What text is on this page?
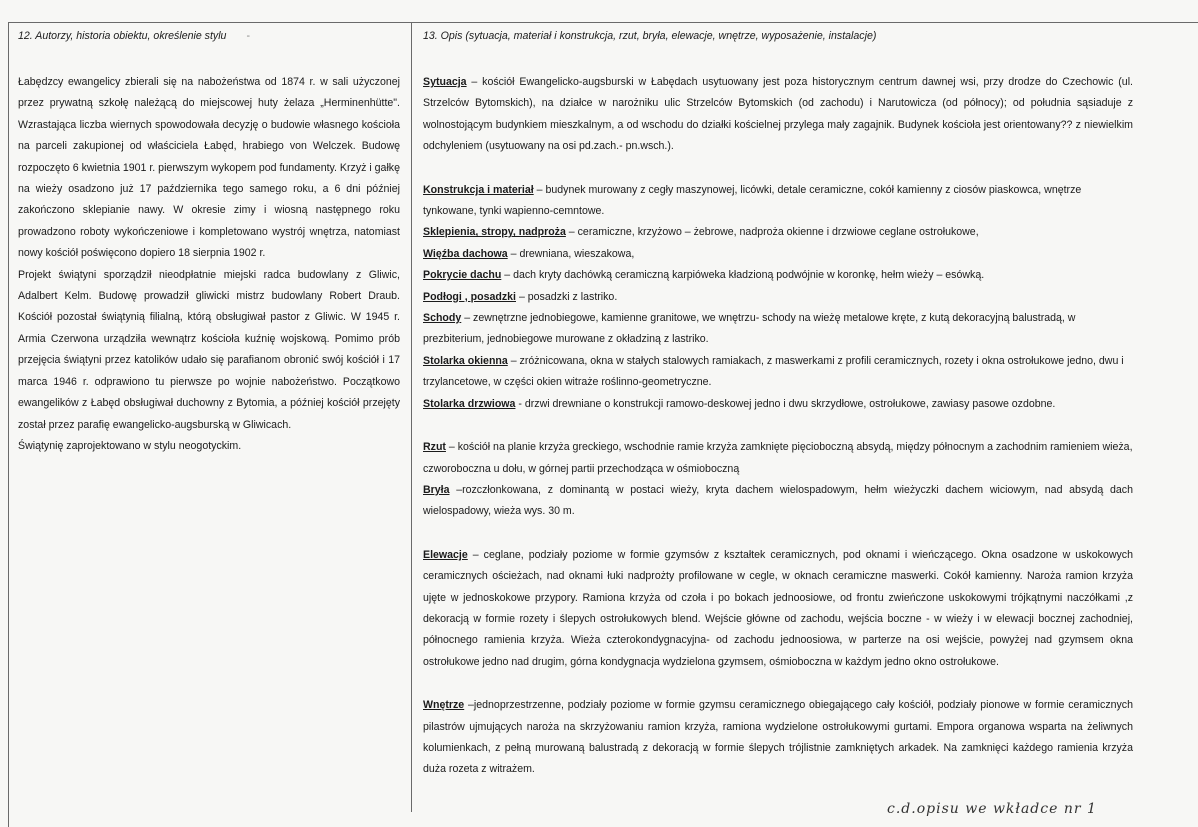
12. Autorzy, historia obiektu, określenie stylu -

Łabędzcy ewangelicy zbierali się na nabożeństwa od 1874 r. w sali użyczonej przez prywatną szkołę należącą do miejscowej huty żelaza „Herminenhütte". Wzrastająca liczba wiernych spowodowała decyzję o budowie własnego kościoła na parceli zakupionej od właściciela Łabęd, hrabiego von Welczek. Budowę rozpoczęto 6 kwietnia 1901 r. pierwszym wykopem pod fundamenty. Krzyż i gałkę na wieży osadzono już 17 października tego samego roku, a 6 dni później zakończono sklepianie nawy. W okresie zimy i wiosną następnego roku prowadzono roboty wykończeniowe i kompletowano wystrój wnętrza, natomiast nowy kościół poświęcono dopiero 18 sierpnia 1902 r.

Projekt świątyni sporządził nieodpłatnie miejski radca budowlany z Gliwic, Adalbert Kelm. Budowę prowadził gliwicki mistrz budowlany Robert Draub. Kościół pozostał świątynią filialną, którą obsługiwał pastor z Gliwic. W 1945 r. Armia Czerwona urządziła wewnątrz kościoła kuźnię wojskową. Pomimo prób przejęcia świątyni przez katolików udało się parafianom obronić swój kościół i 17 marca 1946 r. odprawiono tu pierwsze po wojnie nabożeństwo. Początkowo ewangelików z Łabęd obsługiwał duchowny z Bytomia, a później kościół przejęty został przez parafię ewangelicko-augsburską w Gliwicach.

Świątynię zaprojektowano w stylu neogotyckim.

13. Opis (sytuacja, materiał i konstrukcja, rzut, bryła, elewacje, wnętrze, wyposażenie, instalacje)

Sytuacja – kościół Ewangelicko-augsburski w Łabędach usytuowany jest poza historycznym centrum dawnej wsi, przy drodze do Czechowic (ul. Strzelców Bytomskich), na działce w narożniku ulic Strzelców Bytomskich (od zachodu) i Narutowicza (od północy); od południa sąsiaduje z wolnostojącym budynkiem mieszkalnym, a od wschodu do działki kościelnej przylega mały zagajnik. Budynek kościoła jest orientowany?? z niewielkim odchyleniem (usytuowany na osi pd.zach.- pn.wsch.).

Konstrukcja i materiał – budynek murowany z cegły maszynowej, licówki, detale ceramiczne, cokół kamienny z ciosów piaskowca, wnętrze tynkowane, tynki wapienno-cemntowe.

Sklepienia, stropy, nadproża – ceramiczne, krzyżowo – żebrowe, nadproża okienne i drzwiowe ceglane ostrołukowe,

Więźba dachowa – drewniana, wieszakowa,

Pokrycie dachu – dach kryty dachówką ceramiczną karpióweka kładzioną podwójnie w koronkę, hełm wieży – esówką.

Podłogi , posadzki – posadzki z lastriko.

Schody – zewnętrzne jednobiegowe, kamienne granitowe, we wnętrzu- schody na wieżę metalowe kręte, z kutą dekoracyjną balustradą, w prezbiterium, jednobiegowe murowane z okładziną z lastriko.

Stolarka okienna – zróżnicowana, okna w stałych stalowych ramiakach, z maswerkami z profili ceramicznych, rozety i okna ostrołukowe jedno, dwu i trzylancetowe, w części okien witraże roślinno-geometryczne.

Stolarka drzwiowa - drzwi drewniane o konstrukcji ramowo-deskowej jedno i dwu skrzydłowe, ostrołukowe, zawiasy pasowe ozdobne.

Rzut – kościół na planie krzyża greckiego, wschodnie ramie krzyża zamknięte pięcioboczną absydą, między północnym a zachodnim ramieniem wieża, czworoboczna u dołu, w górnej partii przechodząca w ośmioboczną

Bryła –rozczłonkowana, z dominantą w postaci wieży, kryta dachem wielospadowym, hełm wieżyczki dachem wiciowym, nad absydą dach wielospadowy, wieża wys. 30 m.

Elewacje – ceglane, podziały poziome w formie gzymsów z kształtek ceramicznych, pod oknami i wieńczącego. Okna osadzone w uskokowych ceramicznych ościeżach, nad oknami łuki nadprożty profilowane w cegle, w oknach ceramiczne maswerki. Cokół kamienny. Naroża ramion krzyża ujęte w jednoskokowe przypory. Ramiona krzyża od czoła i po bokach jednoosiowe, od frontu zwieńczone uskokowymi trójkątnymi naczółkami ,z dekoracją w formie rozety i ślepych ostrołukowych blend. Wejście główne od zachodu, wejścia boczne - w wieży i w elewacji bocznej zachodniej, północnego ramienia krzyża. Wieża czterokondygnacyjna- od zachodu jednoosiowa, w parterze na osi wejście, powyżej nad gzymsem okna ostrołukowe jedno nad drugim, górna kondygnacja wydzielona gzymsem, ośmioboczna w każdym jedno okno ostrołukowe.

Wnętrze –jednoprzestrzenne, podziały poziome w formie gzymsu ceramicznego obiegającego cały kościół, podziały pionowe w formie ceramicznych pilastrów ujmujących naroża na skrzyżowaniu ramion krzyża, ramiona wydzielone ostrołukowymi gurtami. Empora organowa wsparta na żeliwnych kolumienkach, z pełną murowaną balustradą z dekoracją w formie ślepych trójlistnie zamkniętych arkadek. Na zamknięci każdego ramienia krzyża duża rozeta z witrażem.

c.d.opisu we wkładce nr 1
